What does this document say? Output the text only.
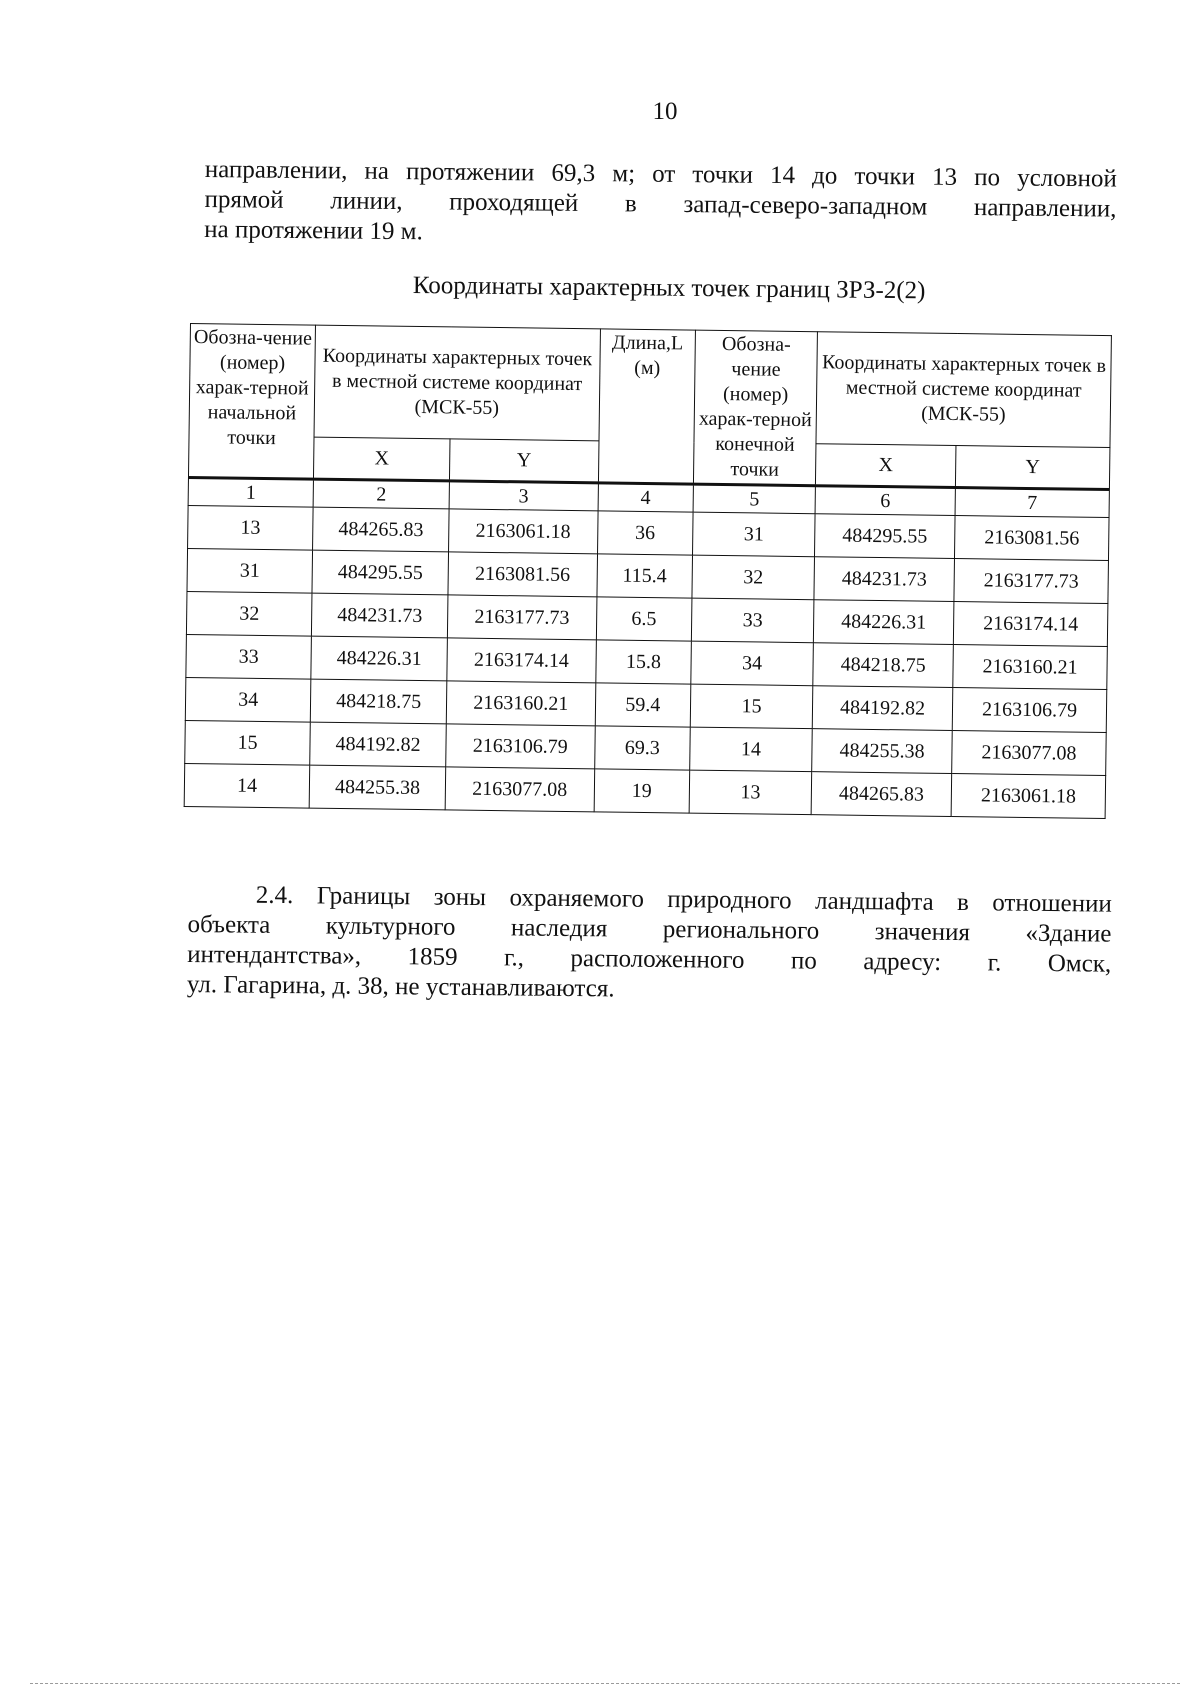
10
направлении, на протяжении 69,3 м; от точки 14 до точки 13 по условной
прямой линии, проходящей в запад-северо-западном направлении,
на протяжении 19 м.
Координаты характерных точек границ ЗРЗ-2(2)
Обозна-чение (номер) харак-терной начальной точки	Координаты характерных точек в местной системе координат (МСК-55)		Длина,L (м)	Обозна-чение (номер) харак-терной конечной точки	Координаты характерных точек в местной системе координат (МСК-55)	
	X	Y			X	Y
1	2	3	4	5	6	7
13	484265.83	2163061.18	36	31	484295.55	2163081.56
31	484295.55	2163081.56	115.4	32	484231.73	2163177.73
32	484231.73	2163177.73	6.5	33	484226.31	2163174.14
33	484226.31	2163174.14	15.8	34	484218.75	2163160.21
34	484218.75	2163160.21	59.4	15	484192.82	2163106.79
15	484192.82	2163106.79	69.3	14	484255.38	2163077.08
14	484255.38	2163077.08	19	13	484265.83	2163061.18
2.4. Границы зоны охраняемого природного ландшафта в отношении
объекта культурного наследия регионального значения «Здание
интендантства», 1859 г., расположенного по адресу: г. Омск,
ул. Гагарина, д. 38, не устанавливаются.
